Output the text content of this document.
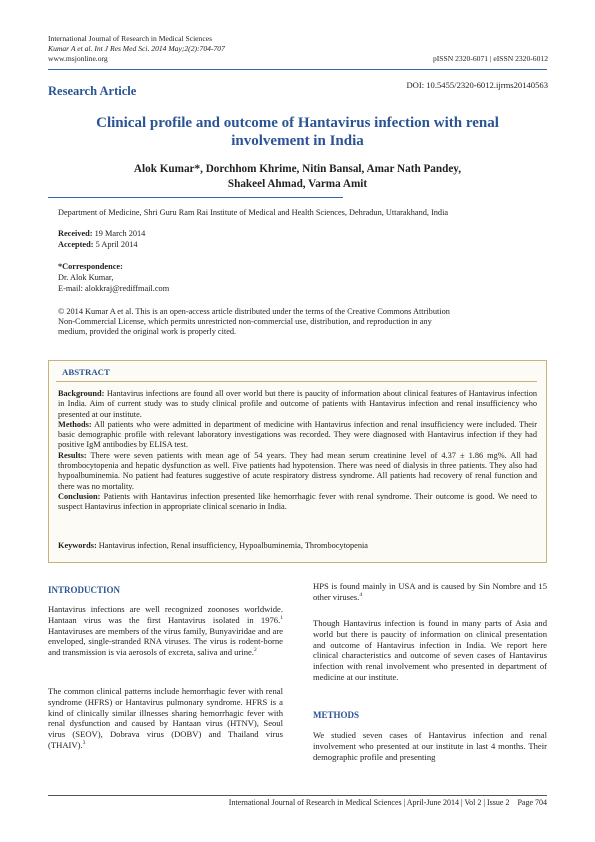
International Journal of Research in Medical Sciences
Kumar A et al. Int J Res Med Sci. 2014 May;2(2):704-707
www.msjonline.org	pISSN 2320-6071 | eISSN 2320-6012
DOI: 10.5455/2320-6012.ijrms20140563
Research Article
Clinical profile and outcome of Hantavirus infection with renal
involvement in India
Alok Kumar*, Dorchhom Khrime, Nitin Bansal, Amar Nath Pandey,
Shakeel Ahmad, Varma Amit
Department of Medicine, Shri Guru Ram Rai Institute of Medical and Health Sciences, Dehradun, Uttarakhand, India
Received: 19 March 2014
Accepted: 5 April 2014
*Correspondence:
Dr. Alok Kumar,
E-mail: alokkraj@rediffmail.com
© 2014 Kumar A et al. This is an open-access article distributed under the terms of the Creative Commons Attribution
Non-Commercial License, which permits unrestricted non-commercial use, distribution, and reproduction in any
medium, provided the original work is properly cited.
ABSTRACT
Background: Hantavirus infections are found all over world but there is paucity of information about clinical features of Hantavirus infection in India. Aim of current study was to study clinical profile and outcome of patients with Hantavirus infection and renal insufficiency who presented at our institute.
Methods: All patients who were admitted in department of medicine with Hantavirus infection and renal insufficiency were included. Their basic demographic profile with relevant laboratory investigations was recorded. They were diagnosed with Hantavirus infection if they had positive IgM antibodies by ELISA test.
Results: There were seven patients with mean age of 54 years. They had mean serum creatinine level of 4.37 ± 1.86 mg%. All had thrombocytopenia and hepatic dysfunction as well. Five patients had hypotension. There was need of dialysis in three patients. They also had hypoalbuminemia. No patient had features suggestive of acute respiratory distress syndrome. All patients had recovery of renal function and there was no mortality.
Conclusion: Patients with Hantavirus infection presented like hemorrhagic fever with renal syndrome. Their outcome is good. We need to suspect Hantavirus infection in appropriate clinical scenario in India.
Keywords: Hantavirus infection, Renal insufficiency, Hypoalbuminemia, Thrombocytopenia
INTRODUCTION
Hantavirus infections are well recognized zoonoses worldwide. Hantaan virus was the first Hantavirus isolated in 1976.$^1$ Hantaviruses are members of the virus family, Bunyaviridae and are enveloped, single-stranded RNA viruses. The virus is rodent-borne and transmission is via aerosols of excreta, saliva and urine.$^2$
The common clinical patterns include hemorrhagic fever with renal syndrome (HFRS) or Hantavirus pulmonary syndrome. HFRS is a kind of clinically similar illnesses sharing hemorrhagic fever with renal dysfunction and caused by Hantaan virus (HTNV), Seoul virus (SEOV), Dobrava virus (DOBV) and Thailand virus (THAIV).$^3$
HPS is found mainly in USA and is caused by Sin Nombre and 15 other viruses.$^4$
Though Hantavirus infection is found in many parts of Asia and world but there is paucity of information on clinical presentation and outcome of Hantavirus infection in India. We report here clinical characteristics and outcome of seven cases of Hantavirus infection with renal involvement who presented in department of medicine at our institute.
METHODS
We studied seven cases of Hantavirus infection and renal involvement who presented at our institute in last 4 months. Their demographic profile and presenting
International Journal of Research in Medical Sciences | April-June 2014 | Vol 2 | Issue 2    Page 704
